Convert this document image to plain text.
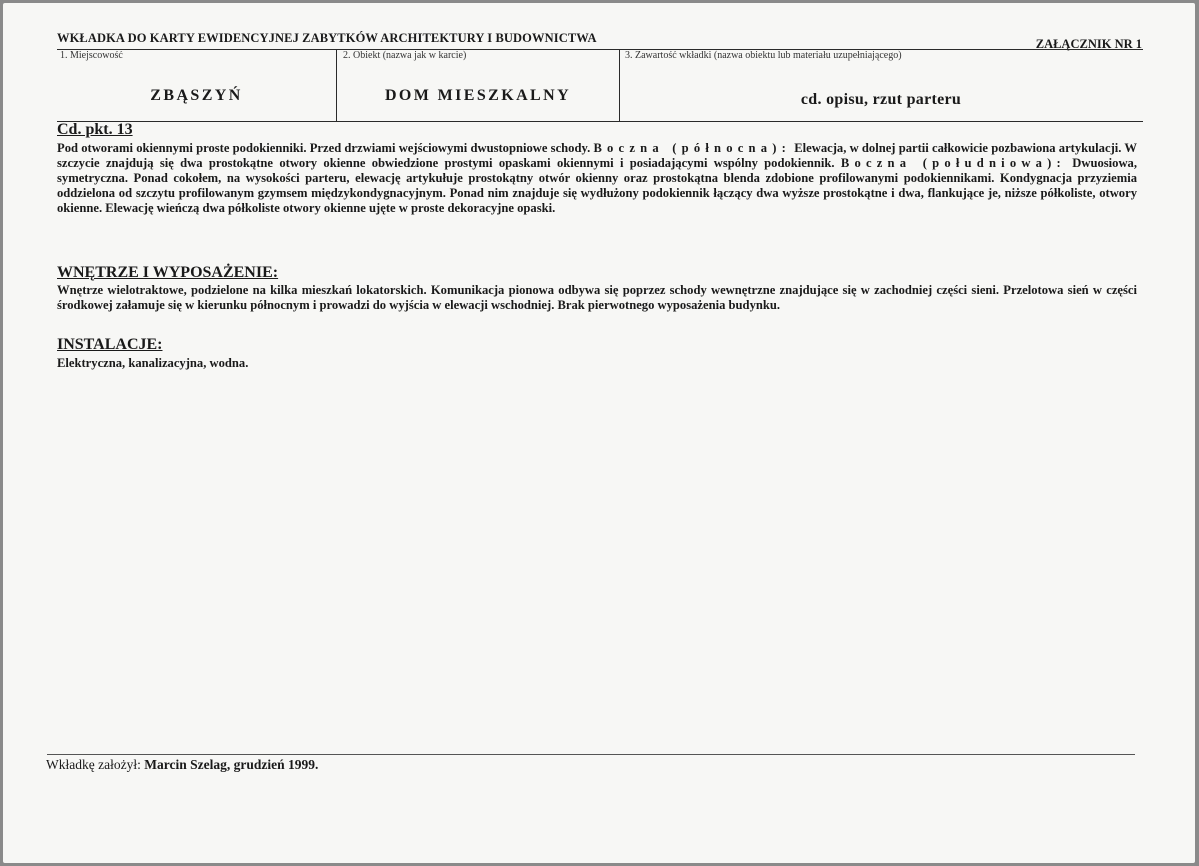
WKŁADKA DO KARTY EWIDENCYJNEJ ZABYTKÓW ARCHITEKTURY I BUDOWNICTWA	ZAŁĄCZNIK NR 1
1. Miejscowość	2. Obiekt (nazwa jak w karcie)	3. Zawartość wkładki (nazwa obiektu lub materiału uzupełniającego)
ZBĄSZYŃ	DOM MIESZKALNY	cd. opisu, rzut parteru
Cd. pkt. 13
Pod otworami okiennymi proste podokienniki. Przed drzwiami wejściowymi dwustopniowe schody. Boczna (północna): Elewacja, w dolnej partii całkowicie pozbawiona artykulacji. W szczycie znajdują się dwa prostokątne otwory okienne obwiedzione prostymi opaskami okiennymi i posiadającymi wspólny podokiennik. Boczna (południowa): Dwuosiowa, symetryczna. Ponad cokołem, na wysokości parteru, elewację artykułuje prostokątny otwór okienny oraz prostokątna blenda zdobione profilowanymi podokiennikami. Kondygnacja przyziemia oddzielona od szczytu profilowanym gzymsem międzykondygnacyjnym. Ponad nim znajduje się wydłużony podokiennik łączący dwa wyższe prostokątne i dwa, flankujące je, niższe półkoliste, otwory okienne. Elewację wieńczą dwa półkoliste otwory okienne ujęte w proste dekoracyjne opaski.
WNĘTRZE I WYPOSAŻENIE:
Wnętrze wielotraktowe, podzielone na kilka mieszkań lokatorskich. Komunikacja pionowa odbywa się poprzez schody wewnętrzne znajdujące się w zachodniej części sieni. Przelotowa sień w części środkowej załamuje się w kierunku północnym i prowadzi do wyjścia w elewacji wschodniej. Brak pierwotnego wyposażenia budynku.
INSTALACJE:
Elektryczna, kanalizacyjna, wodna.
Wkładkę założył: Marcin Szelag, grudzień 1999.
